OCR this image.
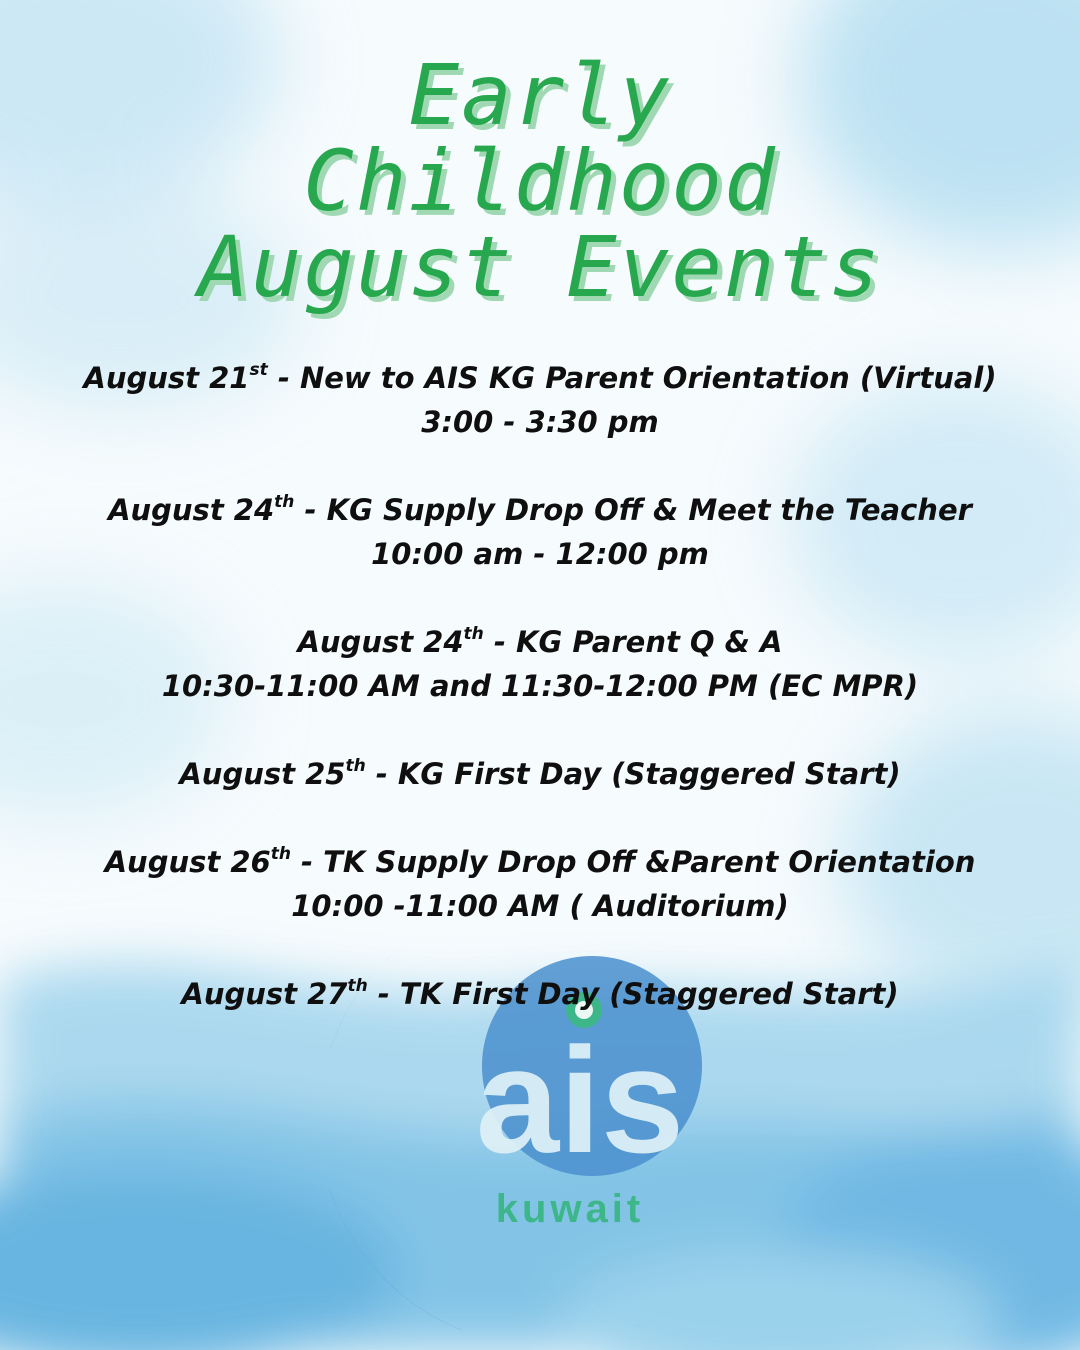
ais
kuwait
Early
Childhood
August Events
August 21st - New to AIS KG Parent Orientation (Virtual)
3:00 - 3:30 pm
August 24th - KG Supply Drop Off & Meet the Teacher
10:00 am - 12:00 pm
August 24th - KG Parent Q & A
10:30-11:00 AM and 11:30-12:00 PM (EC MPR)
August 25th - KG First Day (Staggered Start)
August 26th - TK Supply Drop Off &Parent Orientation
10:00 -11:00 AM ( Auditorium)
August 27th - TK First Day (Staggered Start)
